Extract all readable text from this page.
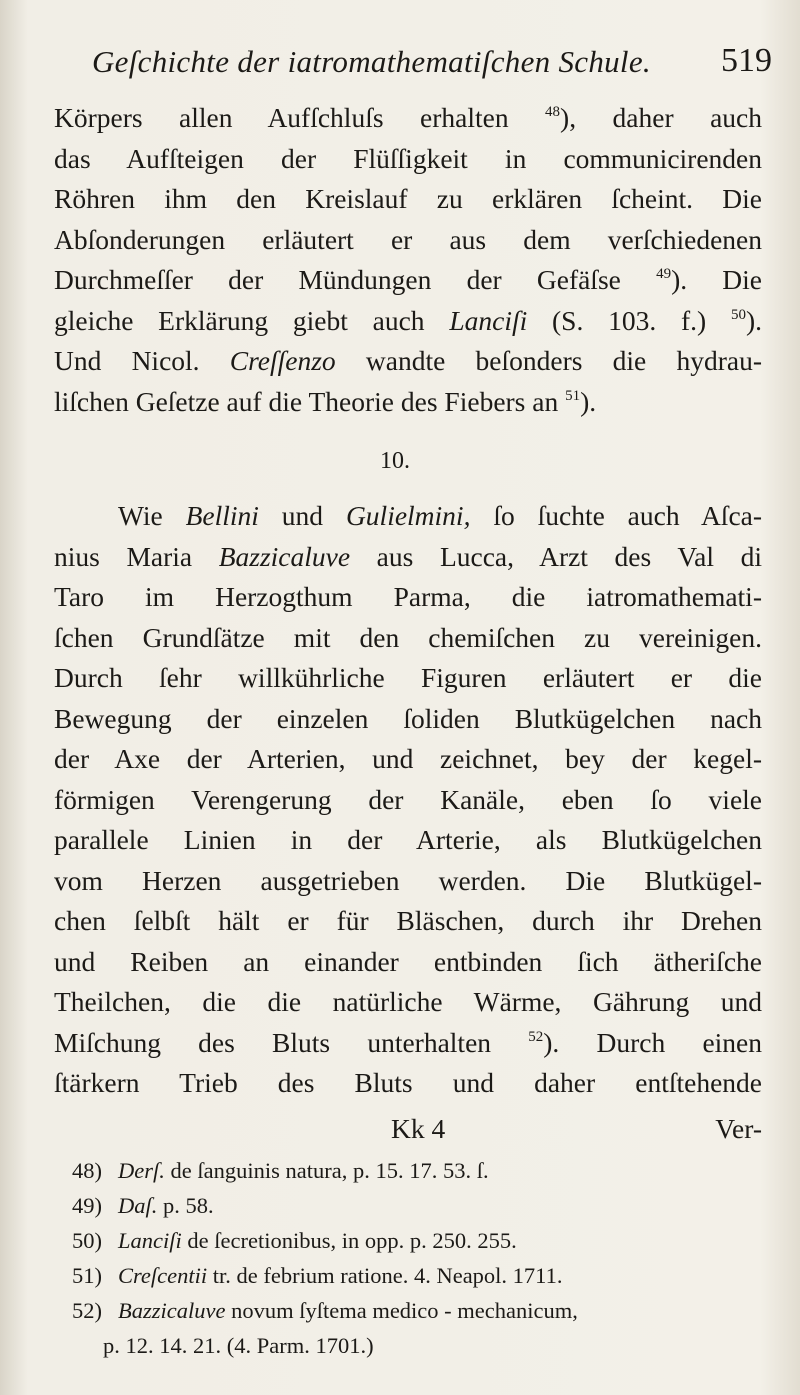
Geſchichte der iatromathematiſchen Schule. 519
Körpers allen Aufſchluſs erhalten $^{48}$), daher auch
das Aufſteigen der Flüſſigkeit in communicirenden
Röhren ihm den Kreislauf zu erklären ſcheint. Die
Abſonderungen erläutert er aus dem verſchiedenen
Durchmeſſer der Mündungen der Gefäſse $^{49}$). Die
gleiche Erklärung giebt auch Lanciſi (S. 103. f.) $^{50}$).
Und Nicol. Creſſenzo wandte beſonders die hydrau-
liſchen Geſetze auf die Theorie des Fiebers an $^{51}$).
10.
Wie Bellini und Gulielmini, ſo ſuchte auch Aſca-
nius Maria Bazzicaluve aus Lucca, Arzt des Val di
Taro im Herzogthum Parma, die iatromathemati-
ſchen Grundſätze mit den chemiſchen zu vereinigen.
Durch ſehr willkührliche Figuren erläutert er die
Bewegung der einzelen ſoliden Blutkügelchen nach
der Axe der Arterien, und zeichnet, bey der kegel-
förmigen Verengerung der Kanäle, eben ſo viele
parallele Linien in der Arterie, als Blutkügelchen
vom Herzen ausgetrieben werden. Die Blutkügel-
chen ſelbſt hält er für Bläschen, durch ihr Drehen
und Reiben an einander entbinden ſich ätheriſche
Theilchen, die die natürliche Wärme, Gährung und
Miſchung des Bluts unterhalten $^{52}$). Durch einen
ſtärkern Trieb des Bluts und daher entſtehende
Kk 4	Ver-
48) Derſ. de ſanguinis natura, p. 15. 17. 53. ſ.
49) Daſ. p. 58.
50) Lanciſi de ſecretionibus, in opp. p. 250. 255.
51) Creſcentii tr. de febrium ratione. 4. Neapol. 1711.
52) Bazzicaluve novum ſyſtema medico - mechanicum,
p. 12. 14. 21. (4. Parm. 1701.)
